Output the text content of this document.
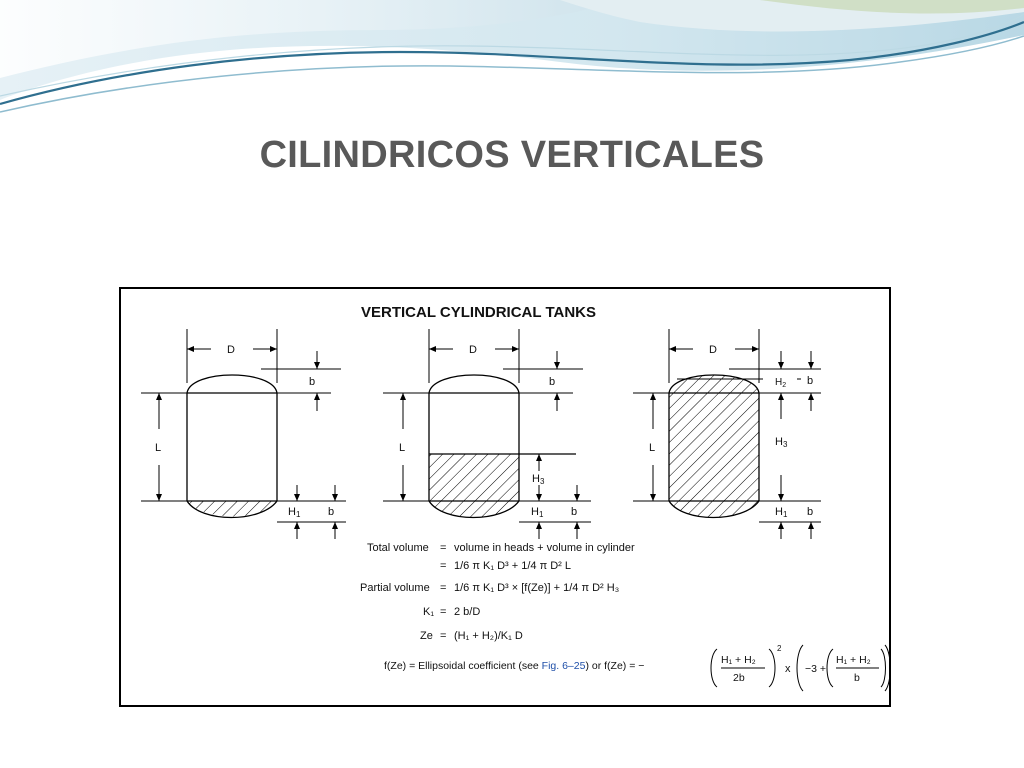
CILINDRICOS VERTICALES
VERTICAL CYLINDRICAL TANKS
D
L
b
b
H1
D
L
b
H3
H1	b
D
L
$H_2$ b
H3
H1 b
Total volume = volume in heads + volume in cylinder
= 1/6 π K₁ D³ + 1/4 π D² L
Partial volume = 1/6 π K₁ D³ × [f(Ze)] + 1/4 π D² H₃
K₁ = 2 b/D
Ze = (H₁ + H₂)/K₁ D
f(Ze) = Ellipsoidal coefficient (see Fig. 6–25) or f(Ze) = −	H₁ + H₂
2b
2
x −3 +
H₁ + H₂
b
